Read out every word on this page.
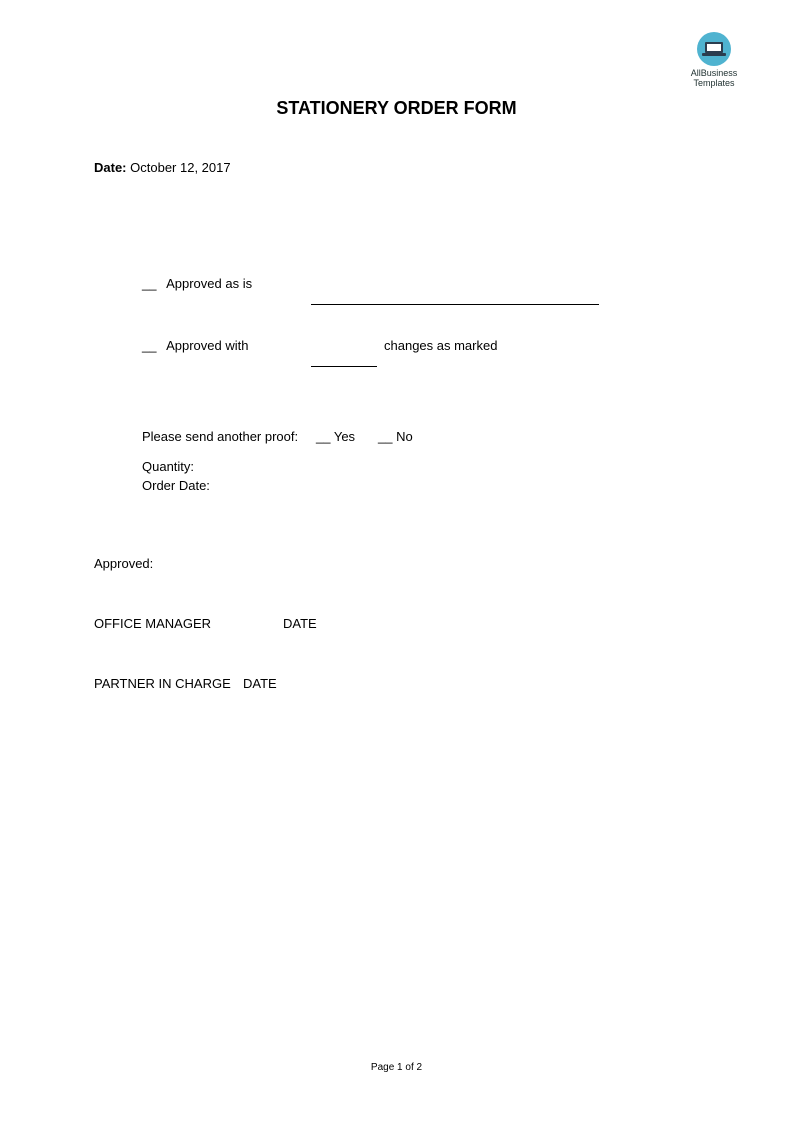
AllBusiness
Templates
STATIONERY ORDER FORM
Date: October 12, 2017
__ Approved as is
__ Approved with	changes as marked
Please send another proof: __ Yes __ No
Quantity:
Order Date:
Approved:
OFFICE MANAGER	DATE
PARTNER IN CHARGE DATE
Page 1 of 2
